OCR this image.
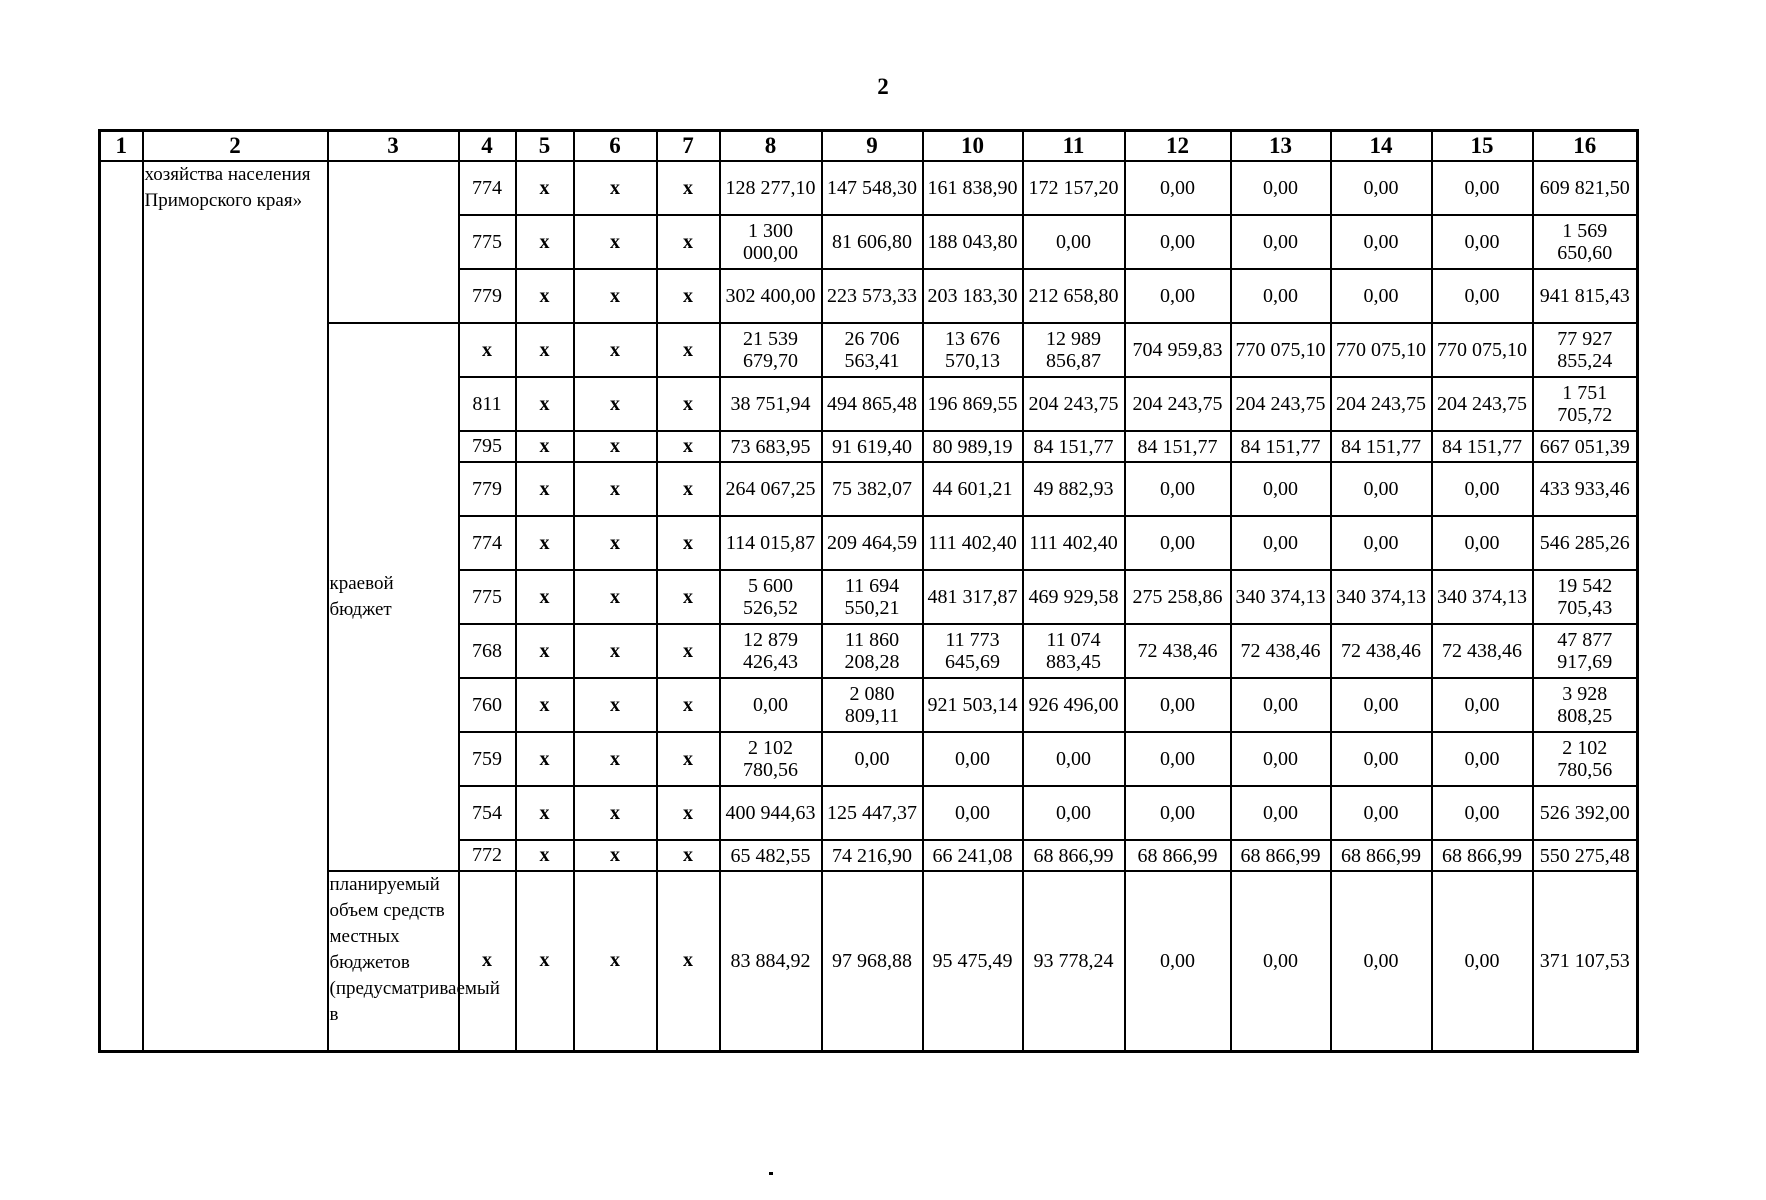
2
1	2	3	4	5	6	7	8	9	10	11	12	13	14	15	16
	хозяйства населения Приморского края»		774	x	x	x	128 277,10	147 548,30	161 838,90	172 157,20	0,00	0,00	0,00	0,00	609 821,50
			775	x	x	x	1 300 000,00	81 606,80	188 043,80	0,00	0,00	0,00	0,00	0,00	1 569 650,60
			779	x	x	x	302 400,00	223 573,33	203 183,30	212 658,80	0,00	0,00	0,00	0,00	941 815,43
		краевой бюджет	x	x	x	x	21 539 679,70	26 706 563,41	13 676 570,13	12 989 856,87	704 959,83	770 075,10	770 075,10	770 075,10	77 927 855,24
			811	x	x	x	38 751,94	494 865,48	196 869,55	204 243,75	204 243,75	204 243,75	204 243,75	204 243,75	1 751 705,72
			795	x	x	x	73 683,95	91 619,40	80 989,19	84 151,77	84 151,77	84 151,77	84 151,77	84 151,77	667 051,39
			779	x	x	x	264 067,25	75 382,07	44 601,21	49 882,93	0,00	0,00	0,00	0,00	433 933,46
			774	x	x	x	114 015,87	209 464,59	111 402,40	111 402,40	0,00	0,00	0,00	0,00	546 285,26
			775	x	x	x	5 600 526,52	11 694 550,21	481 317,87	469 929,58	275 258,86	340 374,13	340 374,13	340 374,13	19 542 705,43
			768	x	x	x	12 879 426,43	11 860 208,28	11 773 645,69	11 074 883,45	72 438,46	72 438,46	72 438,46	72 438,46	47 877 917,69
			760	x	x	x	0,00	2 080 809,11	921 503,14	926 496,00	0,00	0,00	0,00	0,00	3 928 808,25
			759	x	x	x	2 102 780,56	0,00	0,00	0,00	0,00	0,00	0,00	0,00	2 102 780,56
			754	x	x	x	400 944,63	125 447,37	0,00	0,00	0,00	0,00	0,00	0,00	526 392,00
			772	x	x	x	65 482,55	74 216,90	66 241,08	68 866,99	68 866,99	68 866,99	68 866,99	68 866,99	550 275,48
		планируемый объем средств местных бюджетов (предусматриваемый в	x	x	x	x	83 884,92	97 968,88	95 475,49	93 778,24	0,00	0,00	0,00	0,00	371 107,53
